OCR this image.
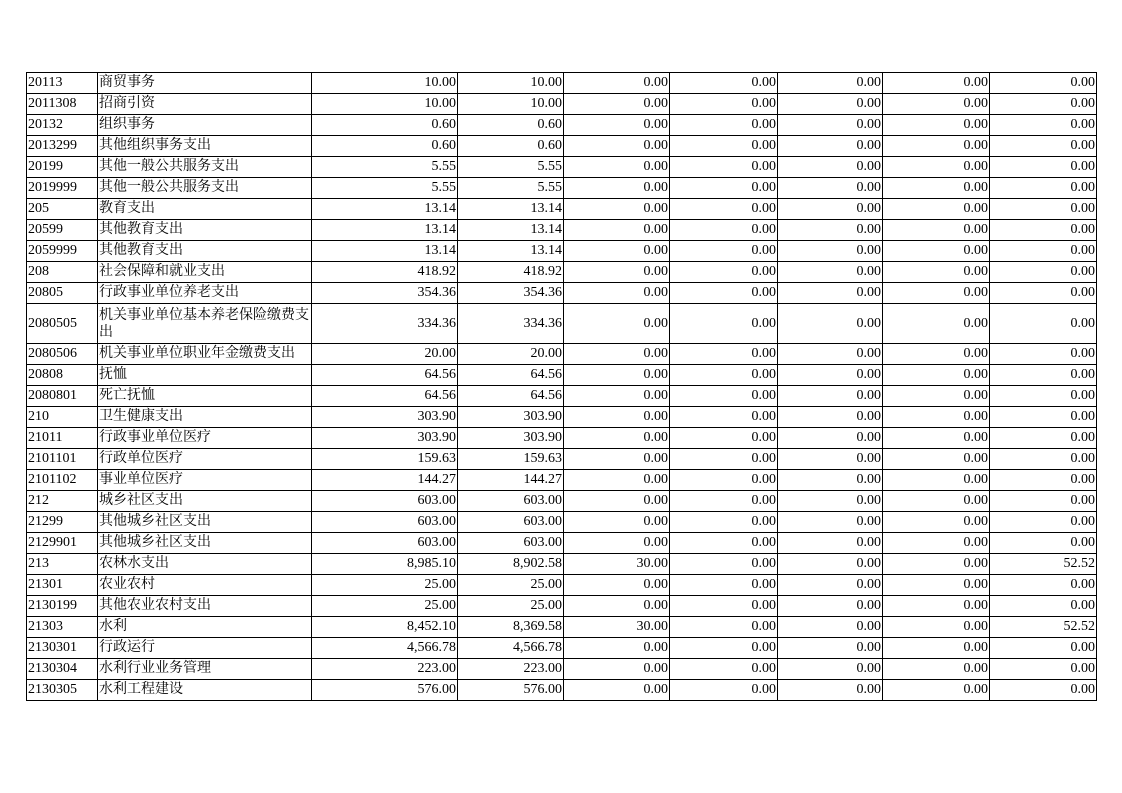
20113	商贸事务	10.00	10.00	0.00	0.00	0.00	0.00	0.00
2011308	招商引资	10.00	10.00	0.00	0.00	0.00	0.00	0.00
20132	组织事务	0.60	0.60	0.00	0.00	0.00	0.00	0.00
2013299	其他组织事务支出	0.60	0.60	0.00	0.00	0.00	0.00	0.00
20199	其他一般公共服务支出	5.55	5.55	0.00	0.00	0.00	0.00	0.00
2019999	其他一般公共服务支出	5.55	5.55	0.00	0.00	0.00	0.00	0.00
205	教育支出	13.14	13.14	0.00	0.00	0.00	0.00	0.00
20599	其他教育支出	13.14	13.14	0.00	0.00	0.00	0.00	0.00
2059999	其他教育支出	13.14	13.14	0.00	0.00	0.00	0.00	0.00
208	社会保障和就业支出	418.92	418.92	0.00	0.00	0.00	0.00	0.00
20805	行政事业单位养老支出	354.36	354.36	0.00	0.00	0.00	0.00	0.00
2080505	机关事业单位基本养老保险缴费支出	334.36	334.36	0.00	0.00	0.00	0.00	0.00
2080506	机关事业单位职业年金缴费支出	20.00	20.00	0.00	0.00	0.00	0.00	0.00
20808	抚恤	64.56	64.56	0.00	0.00	0.00	0.00	0.00
2080801	死亡抚恤	64.56	64.56	0.00	0.00	0.00	0.00	0.00
210	卫生健康支出	303.90	303.90	0.00	0.00	0.00	0.00	0.00
21011	行政事业单位医疗	303.90	303.90	0.00	0.00	0.00	0.00	0.00
2101101	行政单位医疗	159.63	159.63	0.00	0.00	0.00	0.00	0.00
2101102	事业单位医疗	144.27	144.27	0.00	0.00	0.00	0.00	0.00
212	城乡社区支出	603.00	603.00	0.00	0.00	0.00	0.00	0.00
21299	其他城乡社区支出	603.00	603.00	0.00	0.00	0.00	0.00	0.00
2129901	其他城乡社区支出	603.00	603.00	0.00	0.00	0.00	0.00	0.00
213	农林水支出	8,985.10	8,902.58	30.00	0.00	0.00	0.00	52.52
21301	农业农村	25.00	25.00	0.00	0.00	0.00	0.00	0.00
2130199	其他农业农村支出	25.00	25.00	0.00	0.00	0.00	0.00	0.00
21303	水利	8,452.10	8,369.58	30.00	0.00	0.00	0.00	52.52
2130301	行政运行	4,566.78	4,566.78	0.00	0.00	0.00	0.00	0.00
2130304	水利行业业务管理	223.00	223.00	0.00	0.00	0.00	0.00	0.00
2130305	水利工程建设	576.00	576.00	0.00	0.00	0.00	0.00	0.00
